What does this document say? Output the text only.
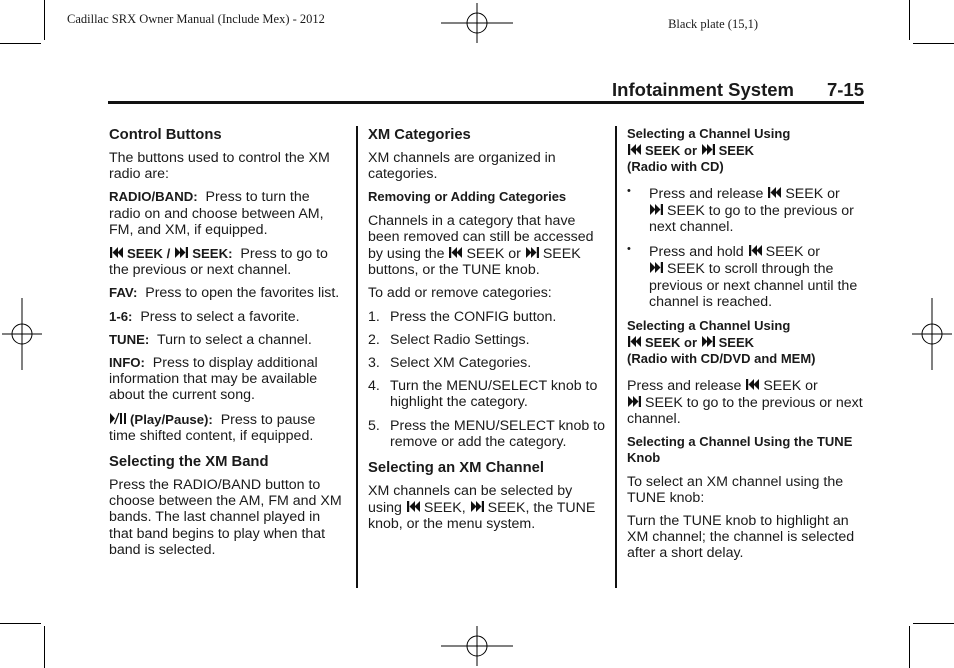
Cadillac SRX Owner Manual (Include Mex) - 2012	Black plate (15,1)
Infotainment System 7-15
Control Buttons

The buttons used to control the XM radio are:

RADIO/BAND: Press to turn the radio on and choose between AM, FM, and XM, if equipped.

SEEK / SEEK: Press to go to the previous or next channel.

FAV: Press to open the favorites list.

1-6: Press to select a favorite.

TUNE: Turn to select a channel.

INFO: Press to display additional information that may be available about the current song.

(Play/Pause): Press to pause time shifted content, if equipped.

Selecting the XM Band

Press the RADIO/BAND button to choose between the AM, FM and XM bands. The last channel played in that band begins to play when that band is selected.

XM Categories

XM channels are organized in categories.

Removing or Adding Categories

Channels in a category that have been removed can still be accessed by using the SEEK or SEEK buttons, or the TUNE knob.

To add or remove categories:

1. Press the CONFIG button.
2. Select Radio Settings.
3. Select XM Categories.
4. Turn the MENU/SELECT knob to highlight the category.
5. Press the MENU/SELECT knob to remove or add the category.
Selecting an XM Channel

XM channels can be selected by using SEEK, SEEK, the TUNE knob, or the menu system.

Selecting a Channel Using

SEEK or SEEK
(Radio with CD)
• Press and release SEEK or

SEEK to go to the previous or next channel.
• Press and hold SEEK or

SEEK to scroll through the previous or next channel until the channel is reached.
Selecting a Channel Using

SEEK or SEEK
(Radio with CD/DVD and MEM)

Press and release SEEK or

SEEK to go to the previous or next channel.

Selecting a Channel Using the TUNE Knob

To select an XM channel using the TUNE knob:

Turn the TUNE knob to highlight an XM channel; the channel is selected after a short delay.
